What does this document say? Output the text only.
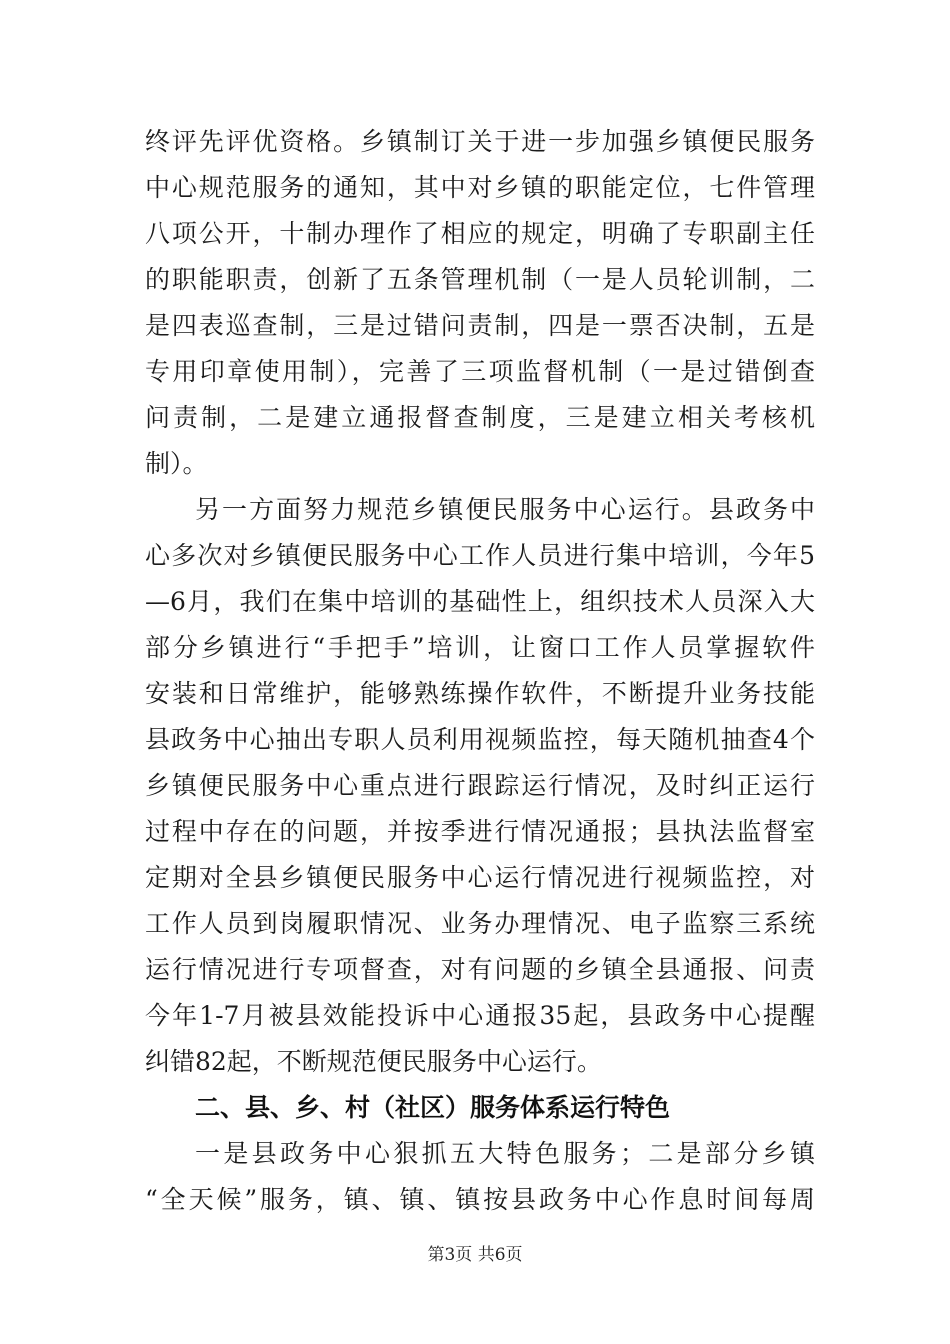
终评先评优资格。乡镇制订关于进一步加强乡镇便民服务
中心规范服务的通知，其中对乡镇的职能定位，七件管理
八项公开，十制办理作了相应的规定，明确了专职副主任
的职能职责，创新了五条管理机制（一是人员轮训制，二
是四表巡查制，三是过错问责制，四是一票否决制，五是
专用印章使用制），完善了三项监督机制（一是过错倒查
问责制，二是建立通报督查制度，三是建立相关考核机
制）。
另一方面努力规范乡镇便民服务中心运行。县政务中
心多次对乡镇便民服务中心工作人员进行集中培训，今年5
—6月，我们在集中培训的基础性上，组织技术人员深入大
部分乡镇进行“手把手”培训，让窗口工作人员掌握软件
安装和日常维护，能够熟练操作软件，不断提升业务技能
县政务中心抽出专职人员利用视频监控，每天随机抽查4个
乡镇便民服务中心重点进行跟踪运行情况，及时纠正运行
过程中存在的问题，并按季进行情况通报；县执法监督室
定期对全县乡镇便民服务中心运行情况进行视频监控，对
工作人员到岗履职情况、业务办理情况、电子监察三系统
运行情况进行专项督查，对有问题的乡镇全县通报、问责
今年1-7月被县效能投诉中心通报35起，县政务中心提醒
纠错82起，不断规范便民服务中心运行。
二、县、乡、村（社区）服务体系运行特色
一是县政务中心狠抓五大特色服务；二是部分乡镇
“全天候”服务，镇、镇、镇按县政务中心作息时间每周
第3页 共6页
